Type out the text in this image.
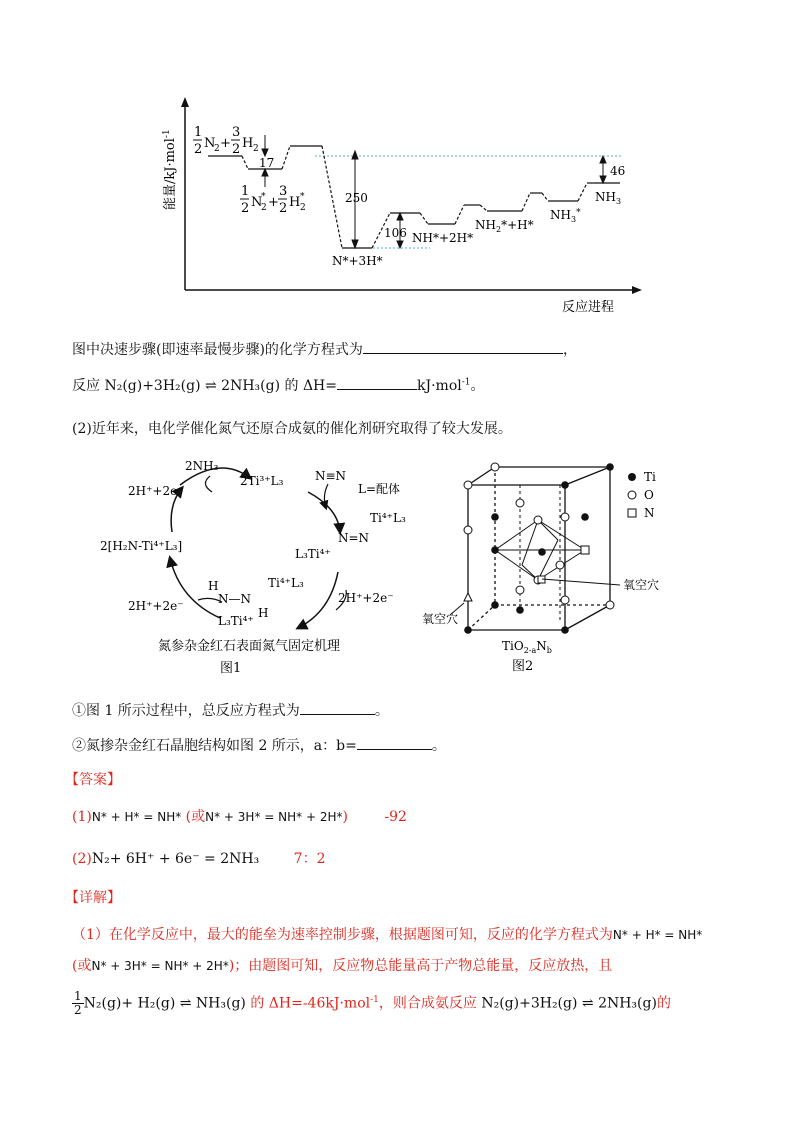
能量/kJ·mol$^{-1}$	1
2 N
2 +
3
2 H 2
17
1
2 N
2
* +
3
2 H 2
*	250
106
46
N*+3H*
NH*+2H*
$NH_2*+H*$
$NH_3^*$
$NH_3$
反应进程
图中决速步骤(即速率最慢步骤)的化学方程式为	，
反应 N₂(g)+3H₂(g) ⇌ 2NH₃(g) 的 ΔH=	kJ·mol$^{-1}$。
(2)近年来，电化学催化氮气还原合成氨的催化剂研究取得了较大发展。
2NH₃
2H⁺+2e⁻
2Ti³⁺L₃	N≡N
L=配体
Ti⁴⁺L₃
N=N
L₃Ti⁴⁺
2H⁺+2e⁻
2[H₂N-Ti⁴⁺L₃]
2H⁺+2e⁻
Ti⁴⁺L₃
H
N—N
H
L₃Ti⁴⁺
氮参杂金红石表面氮气固定机理
图1
Ti
O
N
氧空穴
氧空穴
$TiO_{2-a}N_b$
图2
①图 1 所示过程中，总反应方程式为	。
②氮掺杂金红石晶胞结构如图 2 所示，a：b=	。
【答案】
(1)N* + H* = NH* (或N* + 3H* = NH* + 2H*)	-92
(2)N₂+ 6H⁺ + 6e⁻ = 2NH₃ 7：2
【详解】
（1）在化学反应中，最大的能垒为速率控制步骤，根据题图可知，反应的化学方程式为N* + H* = NH*
(或N* + 3H* = NH* + 2H*)；由题图可知，反应物总能量高于产物总能量，反应放热，且
1
2 N₂(g)+ H₂(g) ⇌ NH₃(g) 的 ΔH=-46kJ·mol$^{-1}$，则合成氨反应 N₂(g)+3H₂(g) ⇌ 2NH₃(g)的
